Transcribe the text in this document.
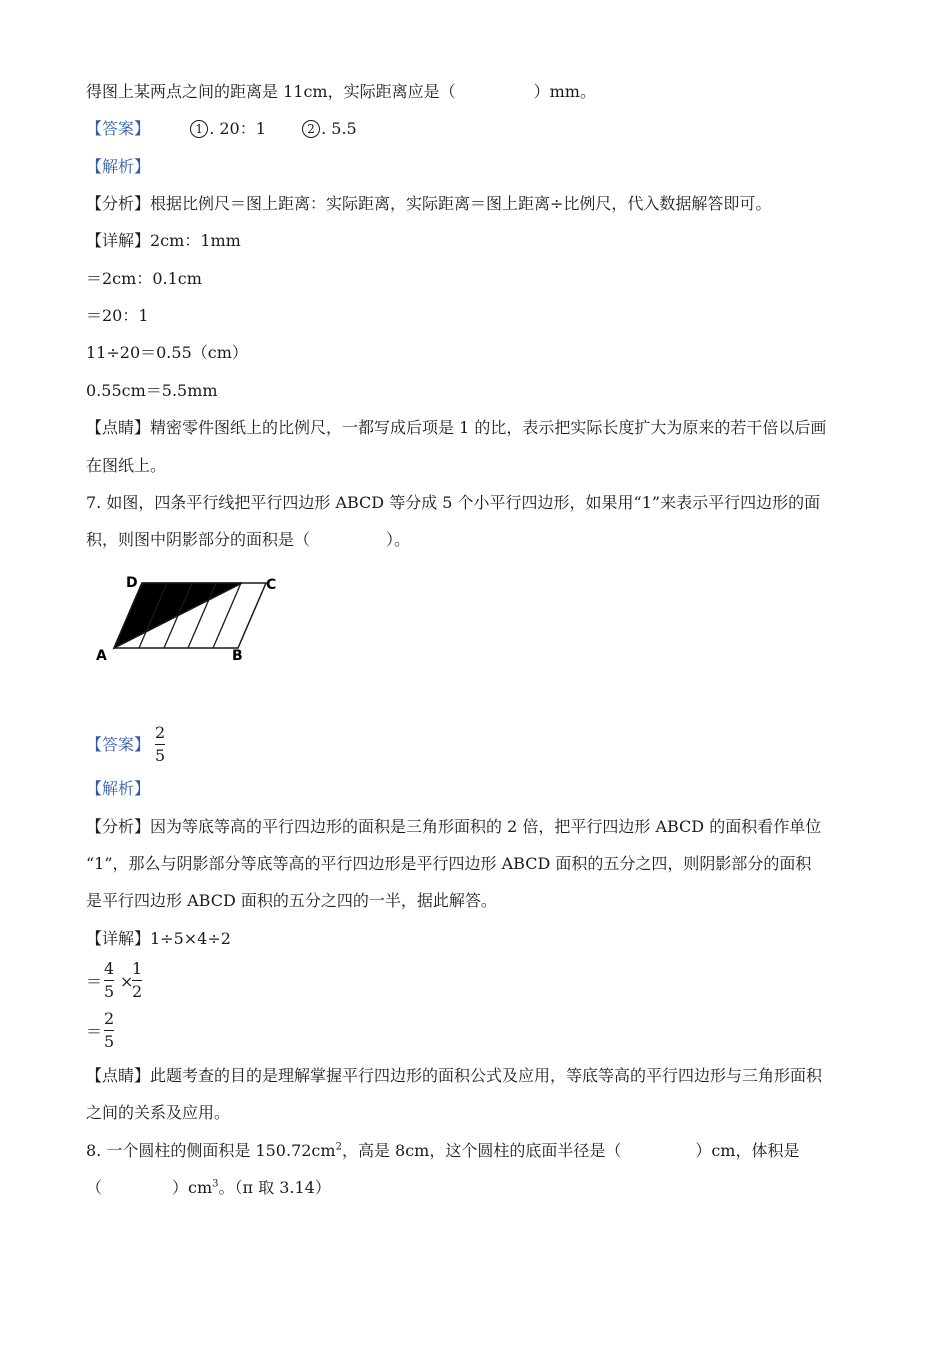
得图上某两点之间的距离是 11cm，实际距离应是（	）mm。
【答案】	1 . 20：1	2 . 5.5
【解析】
【分析】根据比例尺＝图上距离：实际距离，实际距离＝图上距离÷比例尺，代入数据解答即可。
【详解】2cm：1mm
＝2cm：0.1cm
＝20：1
11÷20＝0.55（cm）
0.55cm＝5.5mm
【点睛】精密零件图纸上的比例尺，一都写成后项是 1 的比，表示把实际长度扩大为原来的若干倍以后画
在图纸上。
7. 如图，四条平行线把平行四边形 ABCD 等分成 5 个小平行四边形，如果用“1”来表示平行四边形的面
积，则图中阴影部分的面积是（	）。
D	C
A	B
【答案】
2
5
【解析】
【分析】因为等底等高的平行四边形的面积是三角形面积的 2 倍，把平行四边形 ABCD 的面积看作单位
“1”，那么与阴影部分等底等高的平行四边形是平行四边形 ABCD 面积的五分之四，则阴影部分的面积
是平行四边形 ABCD 面积的五分之四的一半，据此解答。
【详解】1÷5×4÷2
＝
4
5
×
1
2
＝
2
5
【点睛】此题考查的目的是理解掌握平行四边形的面积公式及应用，等底等高的平行四边形与三角形面积
之间的关系及应用。
8. 一个圆柱的侧面积是 $150.72cm^2$，高是 8cm，这个圆柱的底面半径是（	）cm，体积是
（	）$cm^3$。（π 取 3.14）
